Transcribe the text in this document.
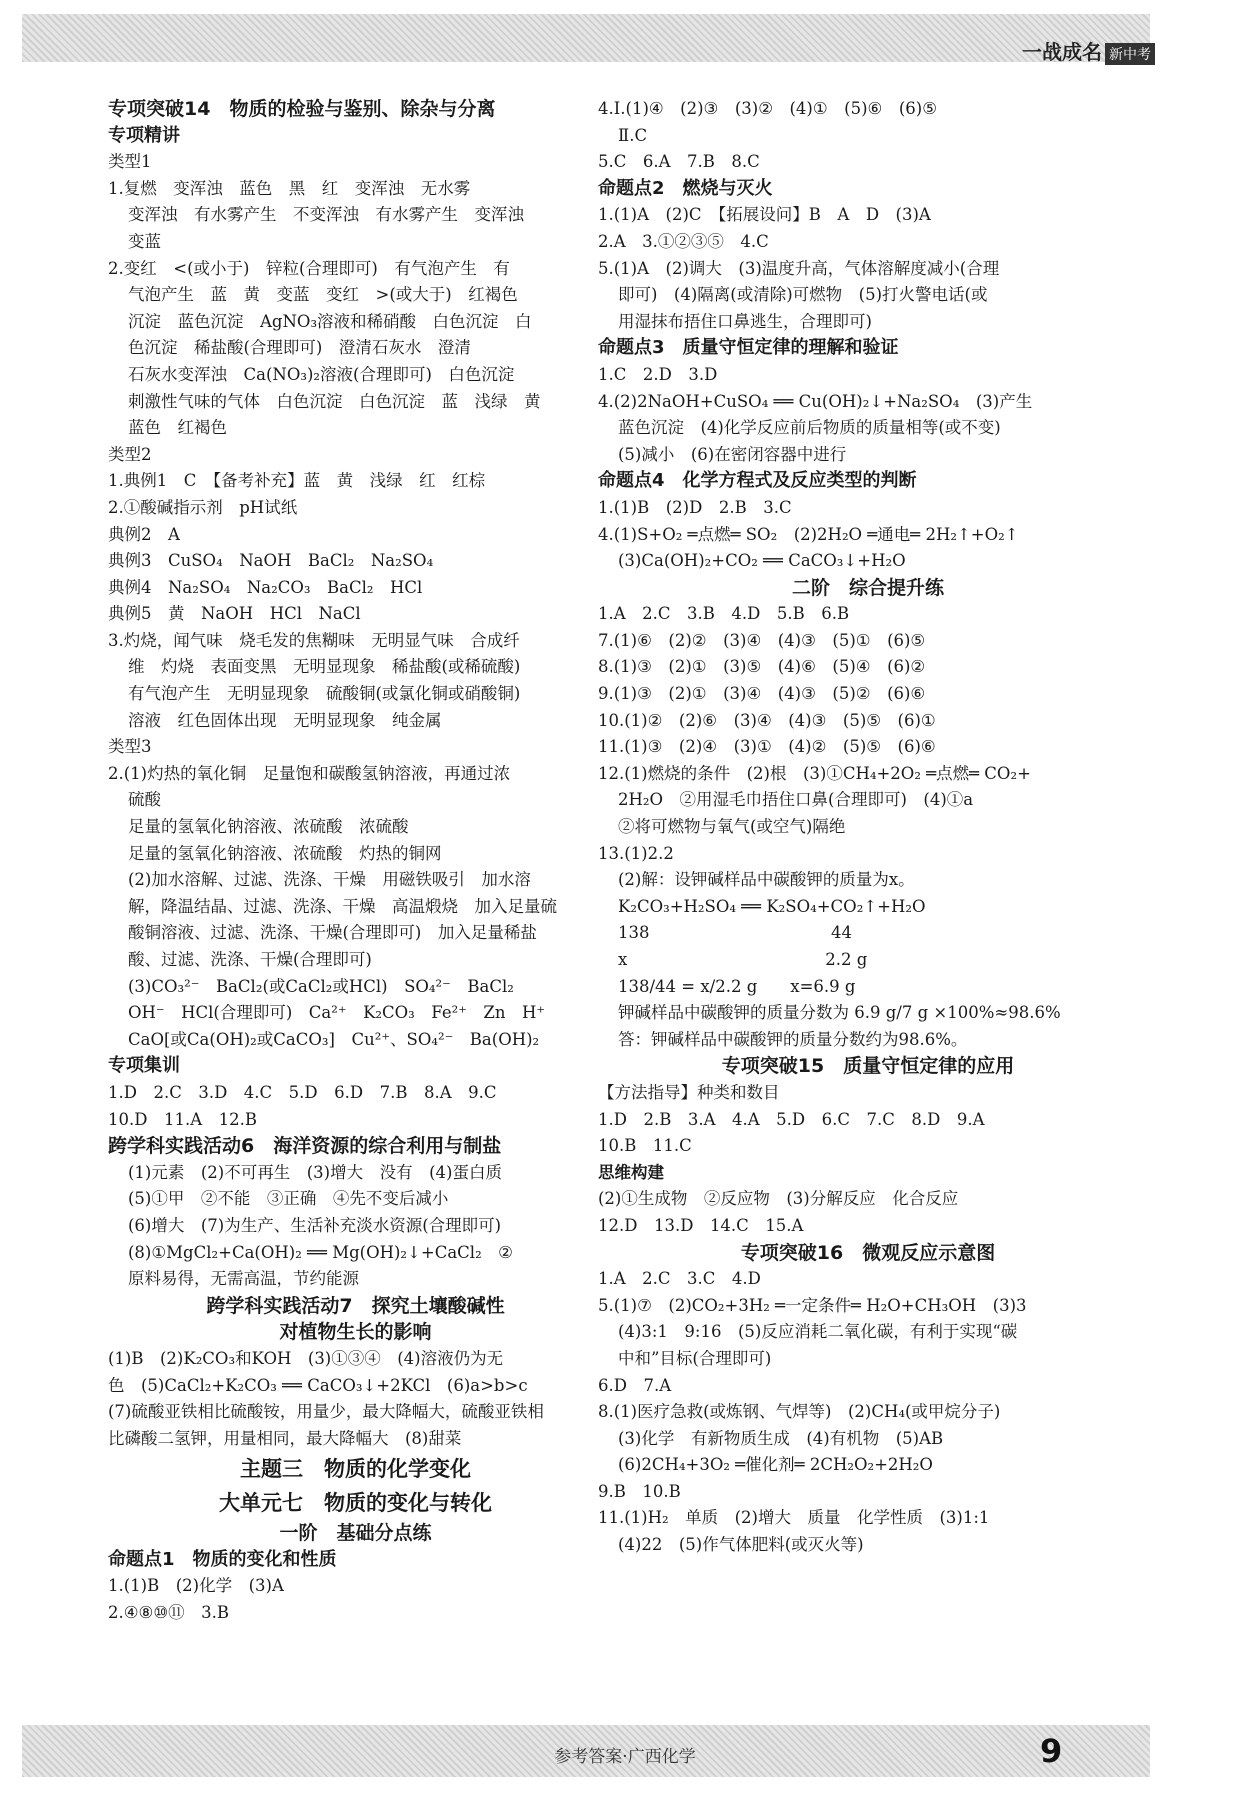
一战成名 新中考
专项突破14　物质的检验与鉴别、除杂与分离
专项精讲
类型1
1.复燃　变浑浊　蓝色　黑　红　变浑浊　无水雾
变浑浊　有水雾产生　不变浑浊　有水雾产生　变浑浊
变蓝
2.变红　<(或小于)　锌粒(合理即可)　有气泡产生　有
气泡产生　蓝　黄　变蓝　变红　>(或大于)　红褐色
沉淀　蓝色沉淀　AgNO₃溶液和稀硝酸　白色沉淀　白
色沉淀　稀盐酸(合理即可)　澄清石灰水　澄清
石灰水变浑浊　Ca(NO₃)₂溶液(合理即可)　白色沉淀
刺激性气味的气体　白色沉淀　白色沉淀　蓝　浅绿　黄
蓝色　红褐色
类型2
1.典例1　C　【备考补充】蓝　黄　浅绿　红　红棕
2.①酸碱指示剂　pH试纸
典例2　A
典例3　CuSO₄　NaOH　BaCl₂　Na₂SO₄
典例4　Na₂SO₄　Na₂CO₃　BaCl₂　HCl
典例5　黄　NaOH　HCl　NaCl
3.灼烧，闻气味　烧毛发的焦糊味　无明显气味　合成纤
维　灼烧　表面变黑　无明显现象　稀盐酸(或稀硫酸)
有气泡产生　无明显现象　硫酸铜(或氯化铜或硝酸铜)
溶液　红色固体出现　无明显现象　纯金属
类型3
2.(1)灼热的氧化铜　足量饱和碳酸氢钠溶液，再通过浓
硫酸
足量的氢氧化钠溶液、浓硫酸　浓硫酸
足量的氢氧化钠溶液、浓硫酸　灼热的铜网
(2)加水溶解、过滤、洗涤、干燥　用磁铁吸引　加水溶
解，降温结晶、过滤、洗涤、干燥　高温煅烧　加入足量硫
酸铜溶液、过滤、洗涤、干燥(合理即可)　加入足量稀盐
酸、过滤、洗涤、干燥(合理即可)
(3)CO₃²⁻　BaCl₂(或CaCl₂或HCl)　SO₄²⁻　BaCl₂
OH⁻　HCl(合理即可)　Ca²⁺　K₂CO₃　Fe²⁺　Zn　H⁺
CaO[或Ca(OH)₂或CaCO₃]　Cu²⁺、SO₄²⁻　Ba(OH)₂
专项集训
1.D　2.C　3.D　4.C　5.D　6.D　7.B　8.A　9.C
10.D　11.A　12.B
跨学科实践活动6　海洋资源的综合利用与制盐
(1)元素　(2)不可再生　(3)增大　没有　(4)蛋白质
(5)①甲　②不能　③正确　④先不变后减小
(6)增大　(7)为生产、生活补充淡水资源(合理即可)
(8)①MgCl₂+Ca(OH)₂ ══ Mg(OH)₂↓+CaCl₂　②　
原料易得，无需高温，节约能源
跨学科实践活动7　探究土壤酸碱性
对植物生长的影响
(1)B　(2)K₂CO₃和KOH　(3)①③④　(4)溶液仍为无
色　(5)CaCl₂+K₂CO₃ ══ CaCO₃↓+2KCl　(6)a>b>c
(7)硫酸亚铁相比硫酸铵，用量少，最大降幅大，硫酸亚铁相
比磷酸二氢钾，用量相同，最大降幅大　(8)甜菜
主题三　物质的化学变化
大单元七　物质的变化与转化
一阶　基础分点练
命题点1　物质的变化和性质
1.(1)B　(2)化学　(3)A
2.④⑧⑩⑪　3.B
4.Ⅰ.(1)④　(2)③　(3)②　(4)①　(5)⑥　(6)⑤
Ⅱ.C
5.C　6.A　7.B　8.C
命题点2　燃烧与灭火
1.(1)A　(2)C　【拓展设问】B　A　D　(3)A
2.A　3.①②③⑤　4.C
5.(1)A　(2)调大　(3)温度升高，气体溶解度减小(合理
即可)　(4)隔离(或清除)可燃物　(5)打火警电话(或
用湿抹布捂住口鼻逃生，合理即可)
命题点3　质量守恒定律的理解和验证
1.C　2.D　3.D
4.(2)2NaOH+CuSO₄ ══ Cu(OH)₂↓+Na₂SO₄　(3)产生
蓝色沉淀　(4)化学反应前后物质的质量相等(或不变)
(5)减小　(6)在密闭容器中进行
命题点4　化学方程式及反应类型的判断
1.(1)B　(2)D　2.B　3.C
4.(1)S+O₂ ═点燃═ SO₂　(2)2H₂O ═通电═ 2H₂↑+O₂↑
(3)Ca(OH)₂+CO₂ ══ CaCO₃↓+H₂O
二阶　综合提升练
1.A　2.C　3.B　4.D　5.B　6.B
7.(1)⑥　(2)②　(3)④　(4)③　(5)①　(6)⑤
8.(1)③　(2)①　(3)⑤　(4)⑥　(5)④　(6)②
9.(1)③　(2)①　(3)④　(4)③　(5)②　(6)⑥
10.(1)②　(2)⑥　(3)④　(4)③　(5)⑤　(6)①
11.(1)③　(2)④　(3)①　(4)②　(5)⑤　(6)⑥
12.(1)燃烧的条件　(2)根　(3)①CH₄+2O₂ ═点燃═ CO₂+
2H₂O　②用湿毛巾捂住口鼻(合理即可)　(4)①a
②将可燃物与氧气(或空气)隔绝
13.(1)2.2
(2)解：设钾碱样品中碳酸钾的质量为x。
K₂CO₃+H₂SO₄ ══ K₂SO₄+CO₂↑+H₂O
138　　　　　　　　　　　44
x　　　　　　　　　　　　2.2 g
138/44 = x/2.2 g　　x=6.9 g
钾碱样品中碳酸钾的质量分数为 6.9 g/7 g ×100%≈98.6%
答：钾碱样品中碳酸钾的质量分数约为98.6%。
专项突破15　质量守恒定律的应用
【方法指导】种类和数目
1.D　2.B　3.A　4.A　5.D　6.C　7.C　8.D　9.A
10.B　11.C
思维构建
(2)①生成物　②反应物　(3)分解反应　化合反应
12.D　13.D　14.C　15.A
专项突破16　微观反应示意图
1.A　2.C　3.C　4.D
5.(1)⑦　(2)CO₂+3H₂ ═一定条件═ H₂O+CH₃OH　(3)3
(4)3:1　9:16　(5)反应消耗二氧化碳，有利于实现“碳
中和”目标(合理即可)
6.D　7.A
8.(1)医疗急救(或炼钢、气焊等)　(2)CH₄(或甲烷分子)
(3)化学　有新物质生成　(4)有机物　(5)AB
(6)2CH₄+3O₂ ═催化剂═ 2CH₂O₂+2H₂O
9.B　10.B
11.(1)H₂　单质　(2)增大　质量　化学性质　(3)1:1
(4)22　(5)作气体肥料(或灭火等)
参考答案·广西化学	9
